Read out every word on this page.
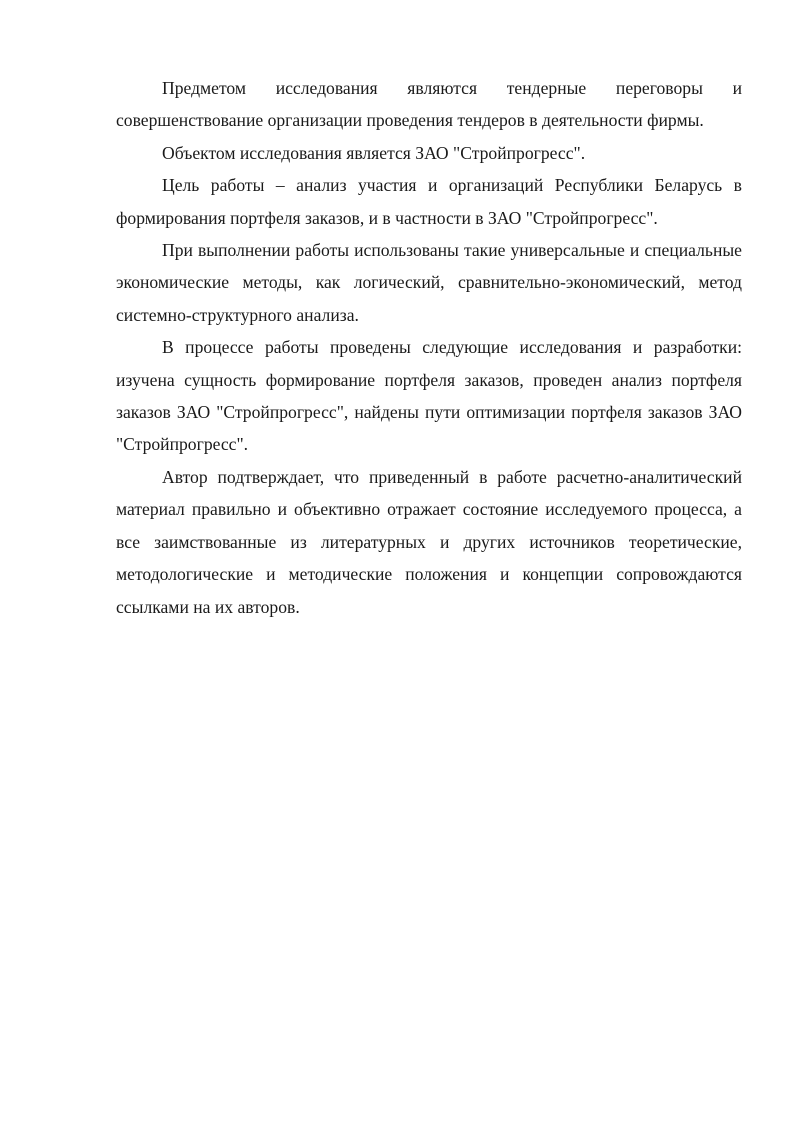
Предметом исследования являются тендерные переговоры и совершенствование организации проведения тендеров в деятельности фирмы.

Объектом исследования является ЗАО "Стройпрогресс".

Цель работы – анализ участия и организаций Республики Беларусь в формирования портфеля заказов, и в частности в ЗАО "Стройпрогресс".

При выполнении работы использованы такие универсальные и специальные экономические методы, как логический, сравнительно-экономический, метод системно-структурного анализа.

В процессе работы проведены следующие исследования и разработки: изучена сущность формирование портфеля заказов, проведен анализ портфеля заказов ЗАО "Стройпрогресс", найдены пути оптимизации портфеля заказов ЗАО "Стройпрогресс".

Автор подтверждает, что приведенный в работе расчетно-аналитический материал правильно и объективно отражает состояние исследуемого процесса, а все заимствованные из литературных и других источников теоретические, методологические и методические положения и концепции сопровождаются ссылками на их авторов.
